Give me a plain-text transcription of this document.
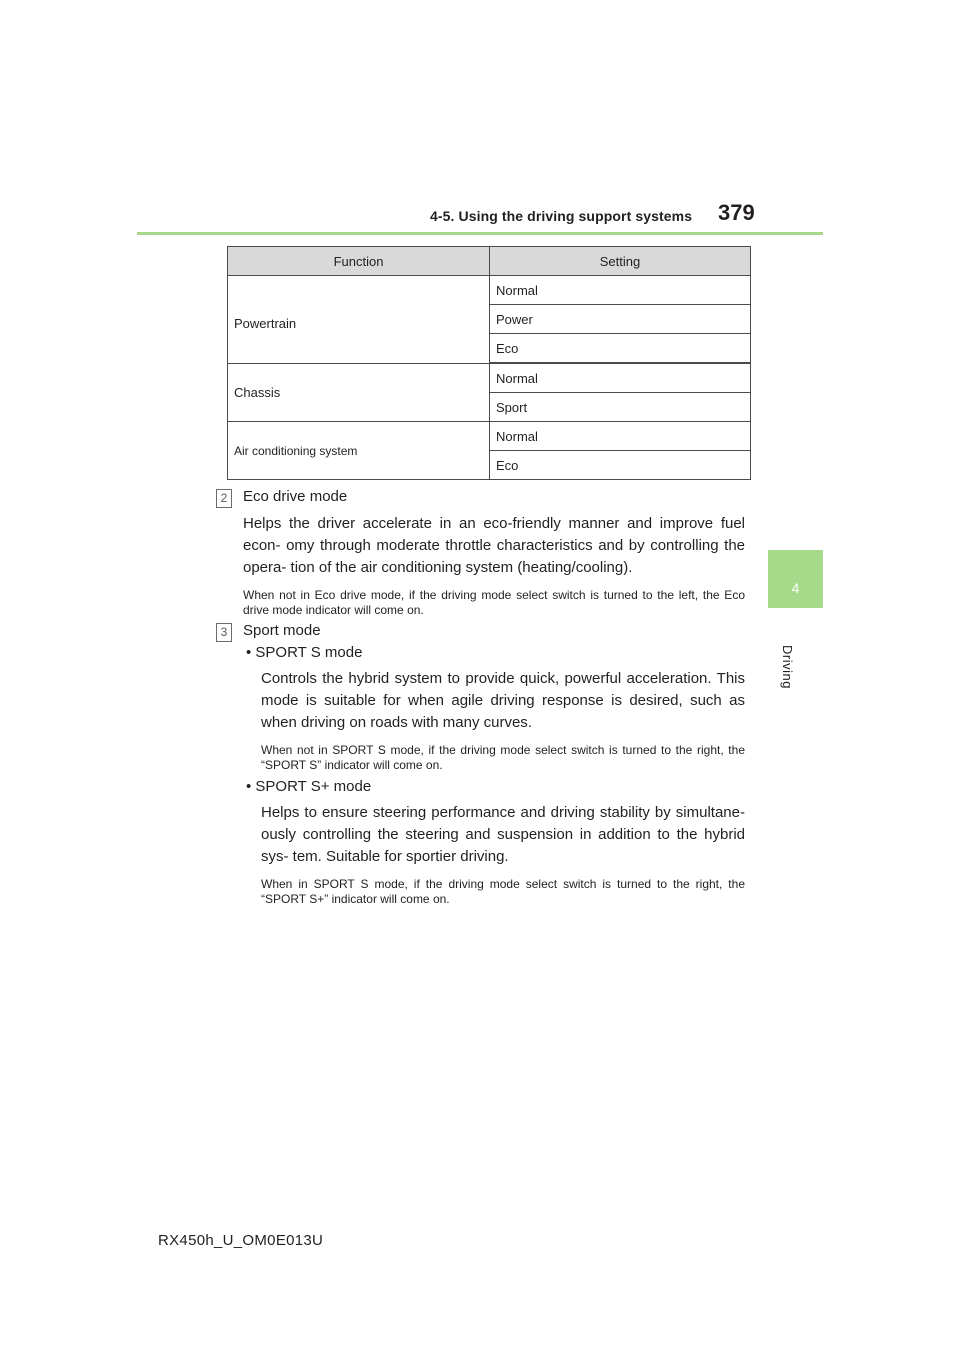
4-5. Using the driving support systems 379
4
Driving
Function	Setting
Powertrain	Normal
	Power
	Eco

Chassis	Normal
	Sport
Air conditioning system	Normal
	Eco
2	Eco drive mode
Helps the driver accelerate in an eco-friendly manner and improve fuel econ- omy through moderate throttle characteristics and by controlling the opera- tion of the air conditioning system (heating/cooling).
When not in Eco drive mode, if the driving mode select switch is turned to the left, the Eco drive mode indicator will come on.
3	Sport mode
• SPORT S mode
Controls the hybrid system to provide quick, powerful acceleration. This mode is suitable for when agile driving response is desired, such as when driving on roads with many curves.
When not in SPORT S mode, if the driving mode select switch is turned to the right, the “SPORT S” indicator will come on.
• SPORT S+ mode
Helps to ensure steering performance and driving stability by simultane- ously controlling the steering and suspension in addition to the hybrid sys- tem. Suitable for sportier driving.
When in SPORT S mode, if the driving mode select switch is turned to the right, the “SPORT S+” indicator will come on.
RX450h_U_OM0E013U
